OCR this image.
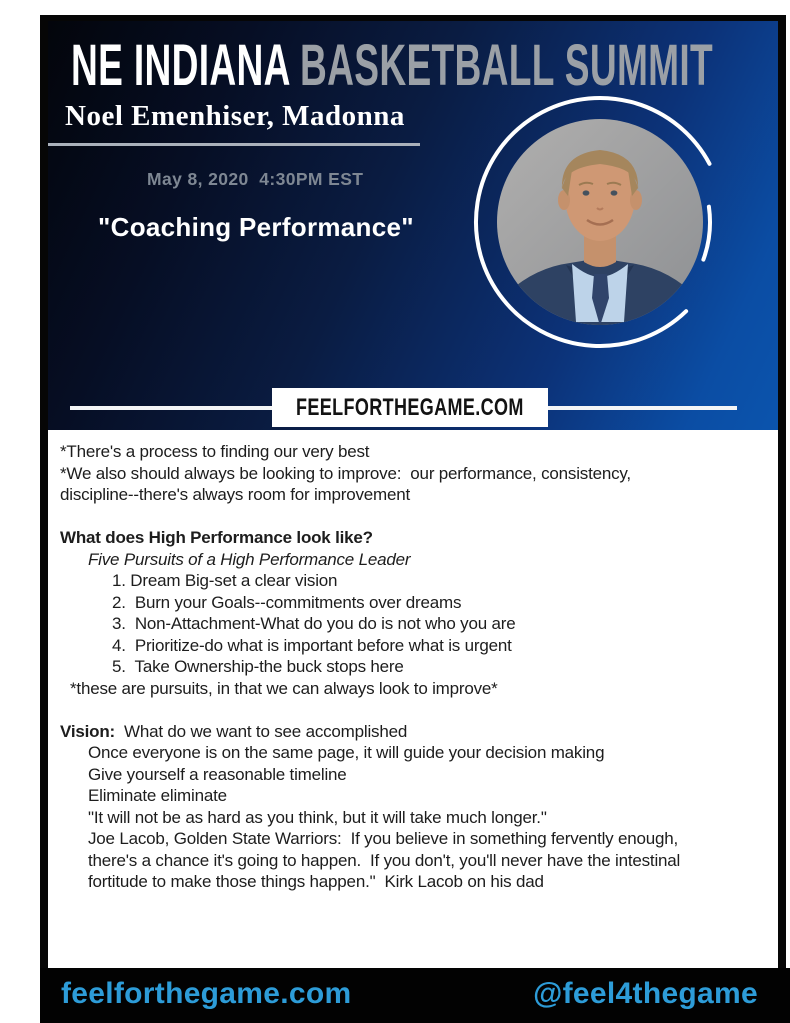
NE INDIANA BASKETBALL SUMMIT
Noel Emenhiser, Madonna
May 8, 2020  4:30PM EST
"Coaching Performance"
FEELFORTHEGAME.COM
*There's a process to finding our very best
*We also should always be looking to improve:  our performance, consistency,
discipline--there's always room for improvement
What does High Performance look like?
Five Pursuits of a High Performance Leader
1. Dream Big-set a clear vision
2.  Burn your Goals--commitments over dreams
3.  Non-Attachment-What do you do is not who you are
4.  Prioritize-do what is important before what is urgent
5.  Take Ownership-the buck stops here
*these are pursuits, in that we can always look to improve*
Vision:  What do we want to see accomplished
Once everyone is on the same page, it will guide your decision making
Give yourself a reasonable timeline
Eliminate eliminate
"It will not be as hard as you think, but it will take much longer."
Joe Lacob, Golden State Warriors:  If you believe in something fervently enough,
there's a chance it's going to happen.  If you don't, you'll never have the intestinal
fortitude to make those things happen."  Kirk Lacob on his dad
feelforthegame.com	@feel4thegame
